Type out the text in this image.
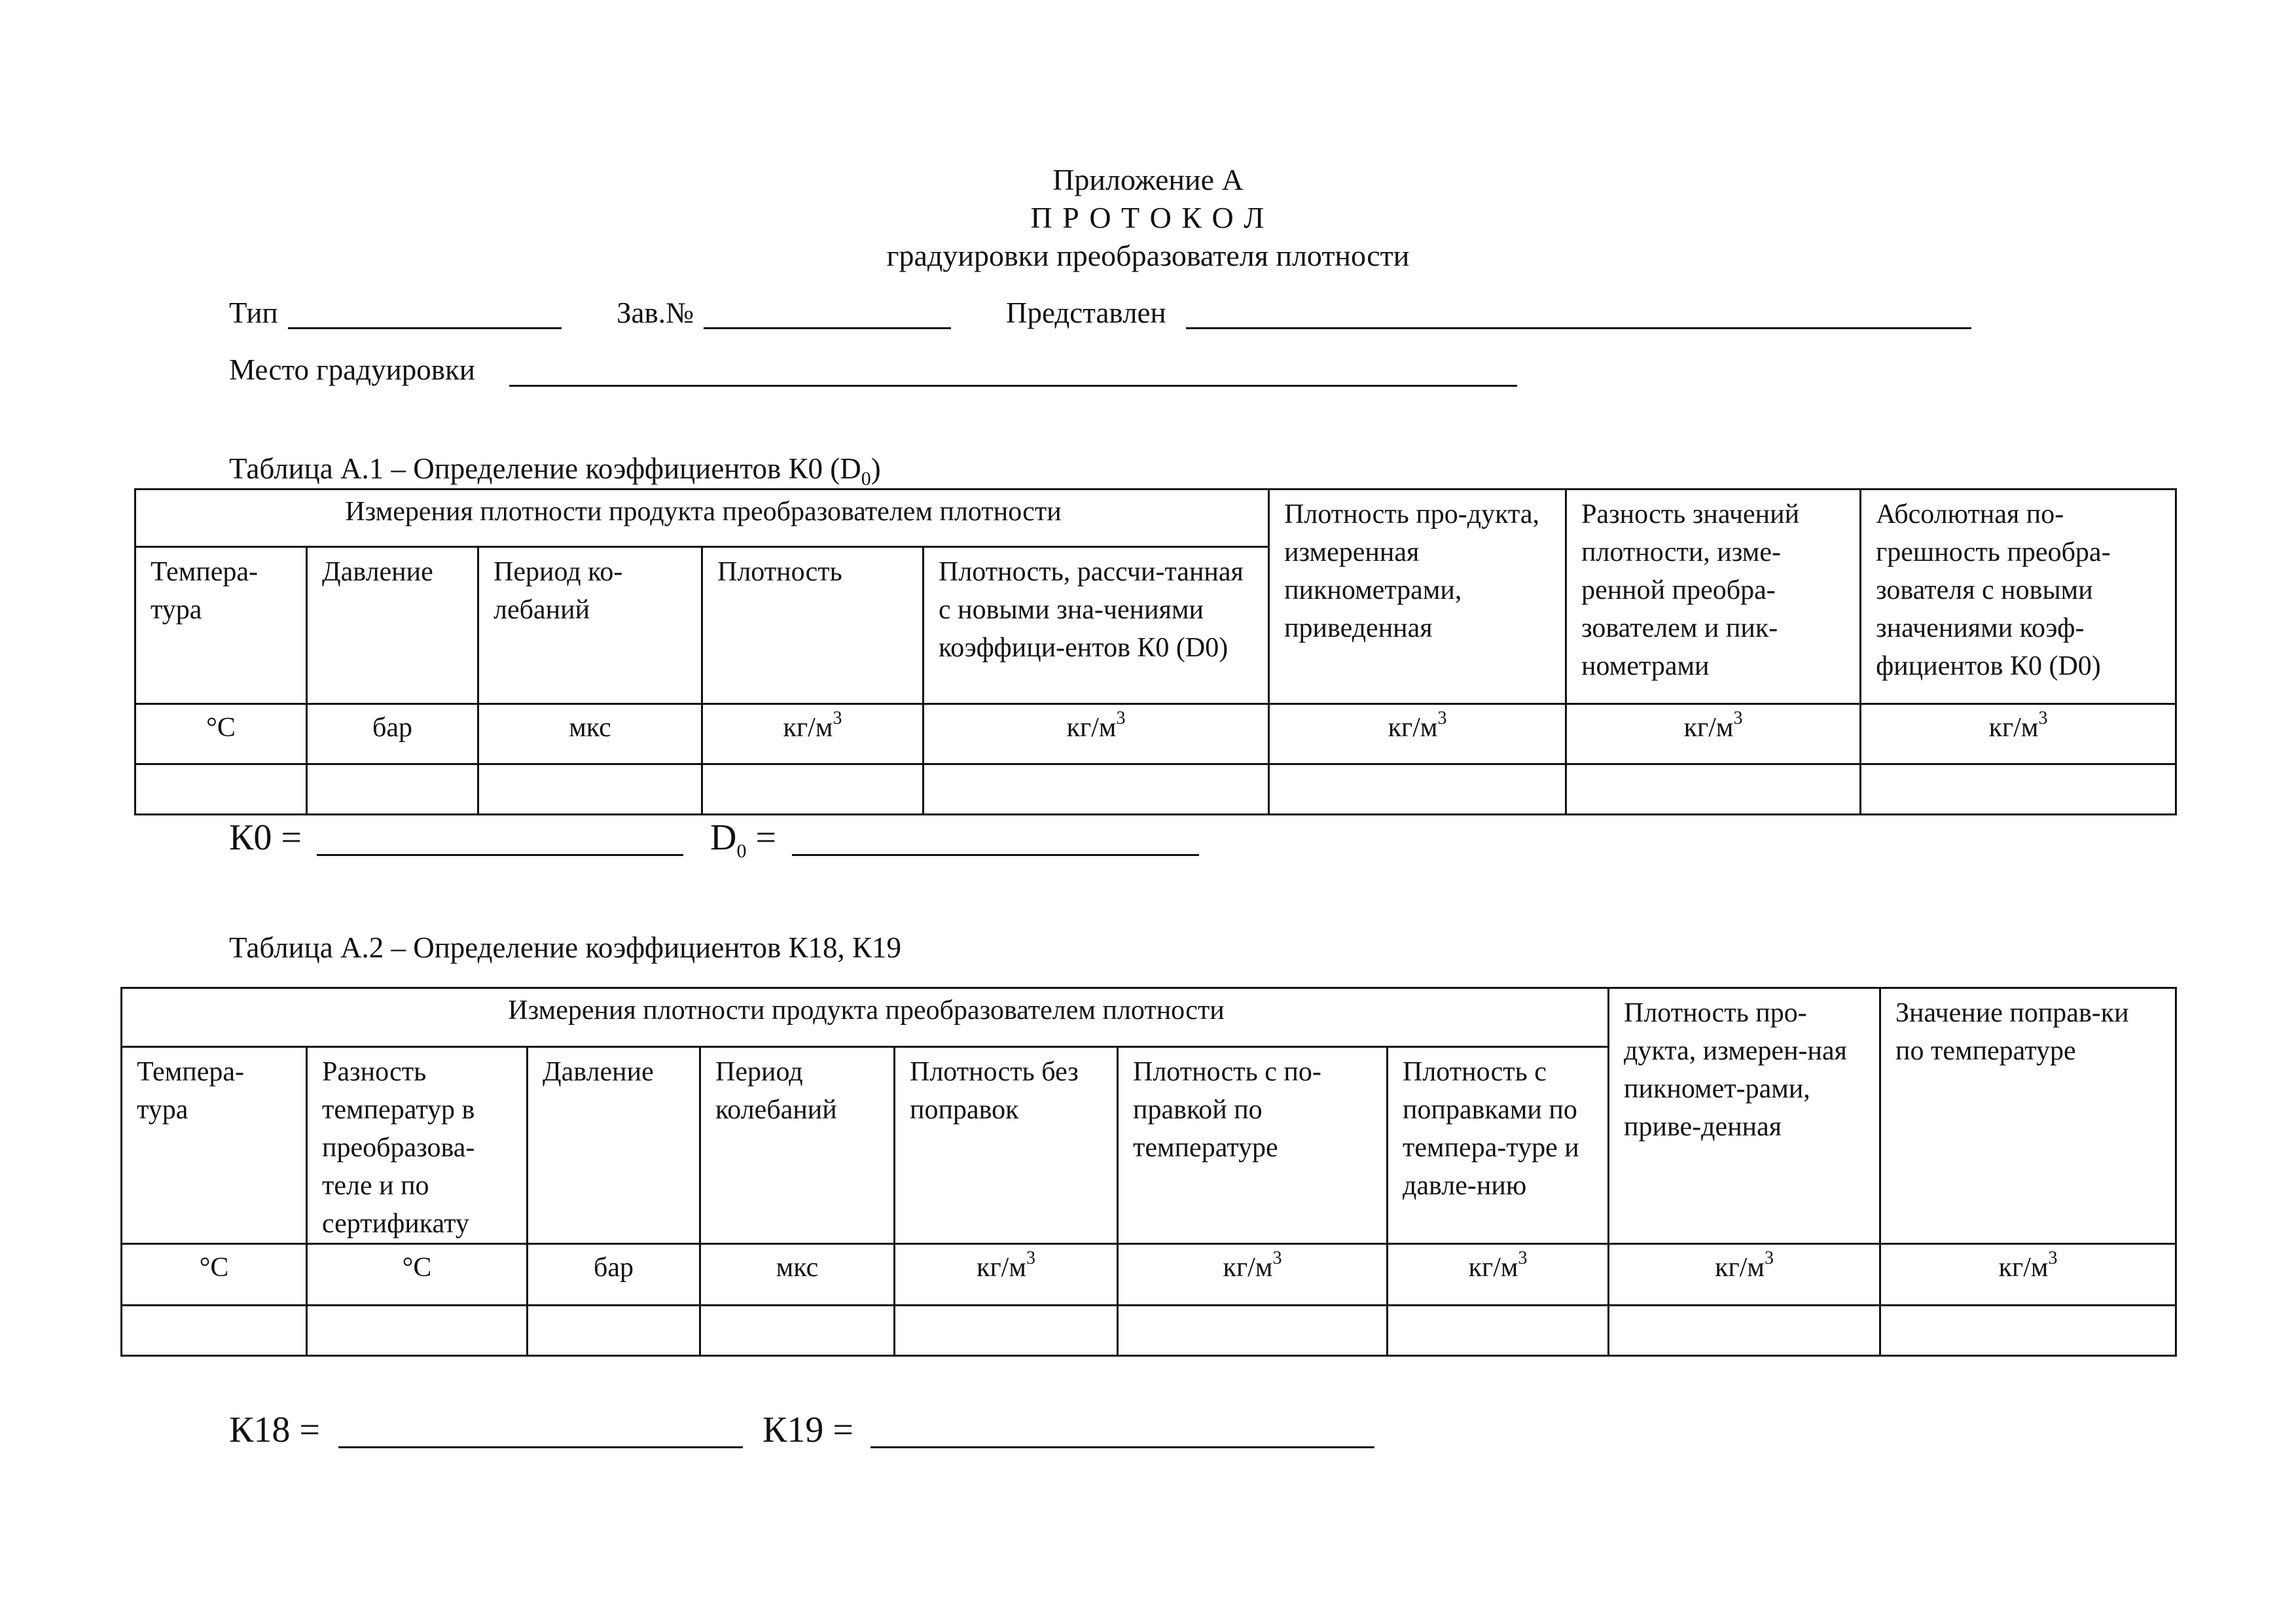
Приложение А
П Р О Т О К О Л
градуировки преобразователя плотности
Тип	Зав.№	Представлен
Место градуировки
Таблица А.1 – Определение коэффициентов К0 $(D_0)$
Измерения плотности продукта преобразователем плотности					Плотность про-дукта, измеренная пикнометрами, приведенная	Разность значений плотности, изме-ренной преобра-зователем и пик-нометрами	Абсолютная по-грешность преобра-зователя с новыми значениями коэф-фициентов К0 (D0)
Темпера-тура	Давление	Период ко-лебаний	Плотность	Плотность, рассчи-танная с новыми зна-чениями коэффици-ентов К0 (D0)			
°С	бар	мкс	$кг/м^3$	$кг/м^3$	$кг/м^3$	$кг/м^3$	$кг/м^3$

К0 =	$D_0$ =
Таблица А.2 – Определение коэффициентов К18, К19
Измерения плотности продукта преобразователем плотности							Плотность про-дукта, измерен-ная пикномет-рами, приве-денная	Значение поправ-ки по температуре
Темпера-тура	Разность температур в преобразова-теле и по сертификату	Давление	Период колебаний	Плотность без поправок	Плотность с по-правкой по температуре	Плотность с поправками по темпера-туре и давле-нию		
°С	°С	бар	мкс	$кг/м^3$	$кг/м^3$	$кг/м^3$	$кг/м^3$	$кг/м^3$

К18 =	К19 =
